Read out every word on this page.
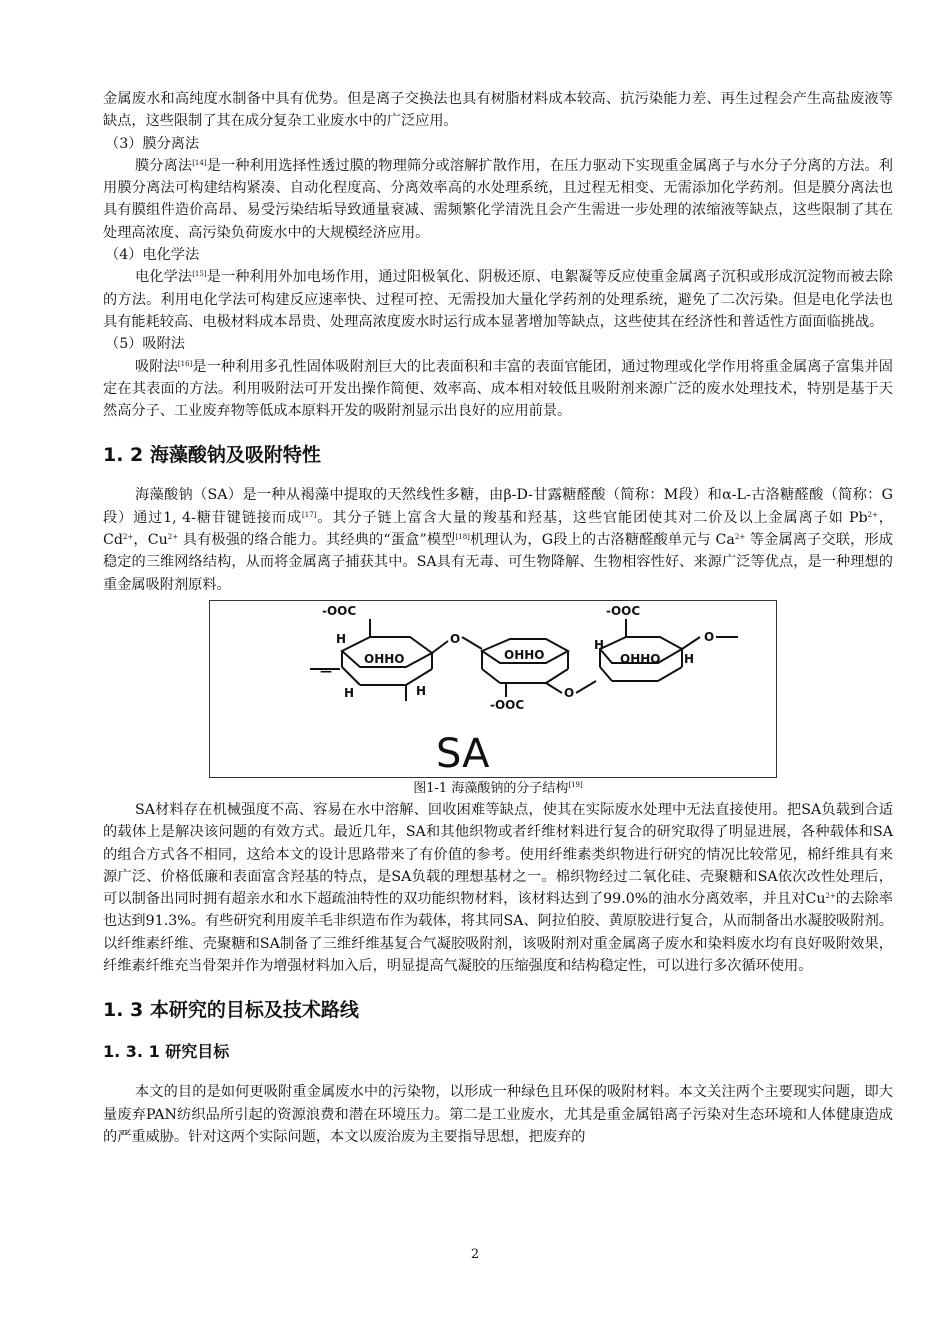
金属废水和高纯度水制备中具有优势。但是离子交换法也具有树脂材料成本较高、抗污染能力差、再生过程会产生高盐废液等缺点，这些限制了其在成分复杂工业废水中的广泛应用。

（3）膜分离法

膜分离法[14]是一种利用选择性透过膜的物理筛分或溶解扩散作用，在压力驱动下实现重金属离子与水分子分离的方法。利用膜分离法可构建结构紧凑、自动化程度高、分离效率高的水处理系统，且过程无相变、无需添加化学药剂。但是膜分离法也具有膜组件造价高昂、易受污染结垢导致通量衰减、需频繁化学清洗且会产生需进一步处理的浓缩液等缺点，这些限制了其在处理高浓度、高污染负荷废水中的大规模经济应用。

（4）电化学法

电化学法[15]是一种利用外加电场作用，通过阳极氧化、阴极还原、电絮凝等反应使重金属离子沉积或形成沉淀物而被去除的方法。利用电化学法可构建反应速率快、过程可控、无需投加大量化学药剂的处理系统，避免了二次污染。但是电化学法也具有能耗较高、电极材料成本昂贵、处理高浓度废水时运行成本显著增加等缺点，这些使其在经济性和普适性方面面临挑战。

（5）吸附法

吸附法[16]是一种利用多孔性固体吸附剂巨大的比表面积和丰富的表面官能团，通过物理或化学作用将重金属离子富集并固定在其表面的方法。利用吸附法可开发出操作简便、效率高、成本相对较低且吸附剂来源广泛的废水处理技术，特别是基于天然高分子、工业废弃物等低成本原料开发的吸附剂显示出良好的应用前景。

1. 2 海藻酸钠及吸附特性

海藻酸钠（SA）是一种从褐藻中提取的天然线性多糖，由β-D-甘露糖醛酸（简称：M段）和α-L-古洛糖醛酸（简称：G段）通过1, 4-糖苷键链接而成[17]。其分子链上富含大量的羧基和羟基，这些官能团使其对二价及以上金属离子如 $Pb^{2+}$，$Cd^{2+}$，$Cu^{2+}$ 具有极强的络合能力。其经典的“蛋盒”模型[18]机理认为，G段上的古洛糖醛酸单元与 $Ca^{2+}$ 等金属离子交联，形成稳定的三维网络结构，从而将金属离子捕获其中。SA具有无毒、可生物降解、生物相容性好、来源广泛等优点，是一种理想的重金属吸附剂原料。

-OOC
—
H
OHHO
H	H
O
OHHO
-OOC
O
-OOC
H
OHHO H
O
SA
图1-1 海藻酸钠的分子结构[19]

SA材料存在机械强度不高、容易在水中溶解、回收困难等缺点，使其在实际废水处理中无法直接使用。把SA负载到合适的载体上是解决该问题的有效方式。最近几年，SA和其他织物或者纤维材料进行复合的研究取得了明显进展，各种载体和SA的组合方式各不相同，这给本文的设计思路带来了有价值的参考。使用纤维素类织物进行研究的情况比较常见，棉纤维具有来源广泛、价格低廉和表面富含羟基的特点，是SA负载的理想基材之一。棉织物经过二氧化硅、壳聚糖和SA依次改性处理后，可以制备出同时拥有超亲水和水下超疏油特性的双功能织物材料，该材料达到了99.0%的油水分离效率，并且对$Cu^{2+}$的去除率也达到91.3%。有些研究利用废羊毛非织造布作为载体，将其同SA、阿拉伯胶、黄原胶进行复合，从而制备出水凝胶吸附剂。以纤维素纤维、壳聚糖和SA制备了三维纤维基复合气凝胶吸附剂，该吸附剂对重金属离子废水和染料废水均有良好吸附效果，纤维素纤维充当骨架并作为增强材料加入后，明显提高气凝胶的压缩强度和结构稳定性，可以进行多次循环使用。

1. 3 本研究的目标及技术路线
1. 3. 1 研究目标

本文的目的是如何更吸附重金属废水中的污染物，以形成一种绿色且环保的吸附材料。本文关注两个主要现实问题，即大量废弃PAN纺织品所引起的资源浪费和潜在环境压力。第二是工业废水，尤其是重金属铅离子污染对生态环境和人体健康造成的严重威胁。针对这两个实际问题，本文以废治废为主要指导思想，把废弃的

2
